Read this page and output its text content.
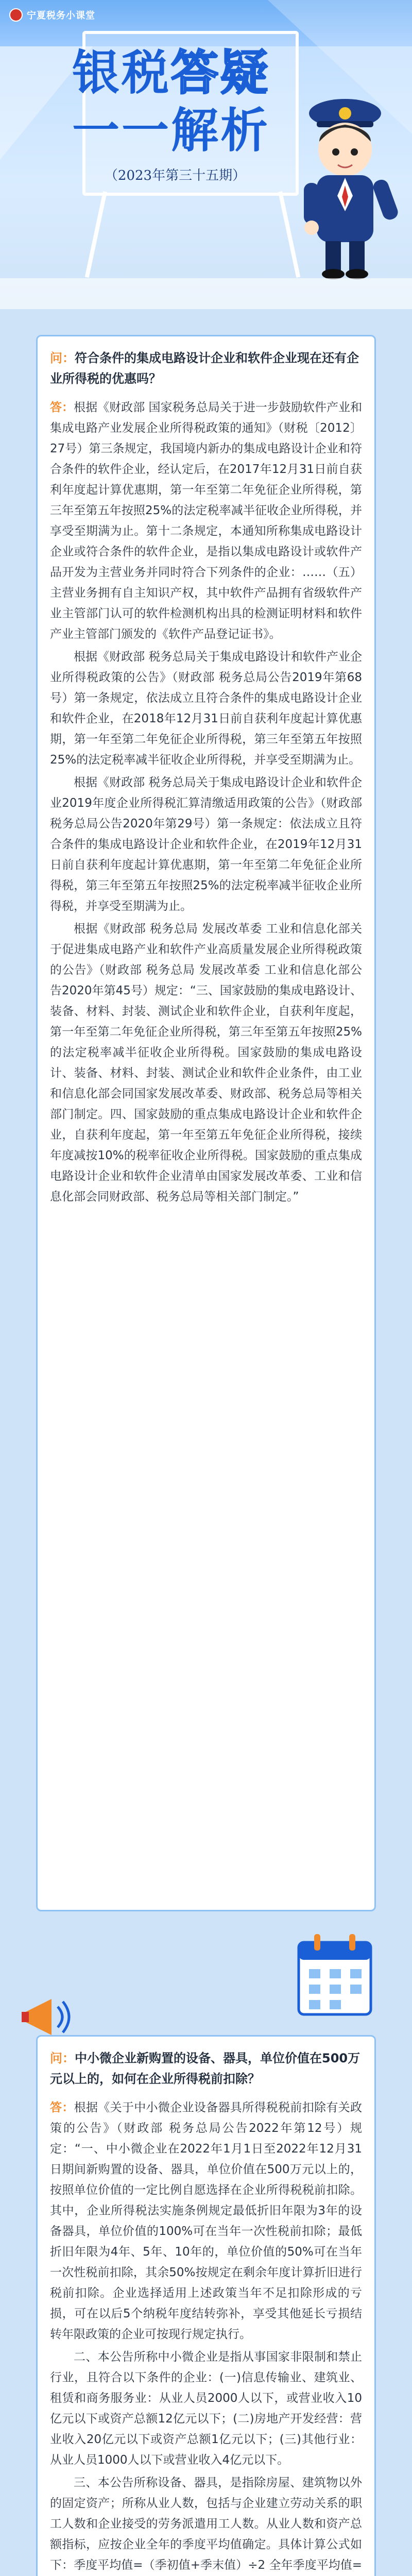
宁夏税务小课堂
银税答疑
一一解析
（2023年第三十五期）
问：符合条件的集成电路设计企业和软件企业现在还有企业所得税的优惠吗？

答：根据《财政部 国家税务总局关于进一步鼓励软件产业和集成电路产业发展企业所得税政策的通知》（财税〔2012〕27号）第三条规定，我国境内新办的集成电路设计企业和符合条件的软件企业，经认定后，在2017年12月31日前自获利年度起计算优惠期，第一年至第二年免征企业所得税，第三年至第五年按照25%的法定税率减半征收企业所得税，并享受至期满为止。第十二条规定，本通知所称集成电路设计企业或符合条件的软件企业，是指以集成电路设计或软件产品开发为主营业务并同时符合下列条件的企业：……（五）主营业务拥有自主知识产权，其中软件产品拥有省级软件产业主管部门认可的软件检测机构出具的检测证明材料和软件产业主管部门颁发的《软件产品登记证书》。

根据《财政部 税务总局关于集成电路设计和软件产业企业所得税政策的公告》（财政部 税务总局公告2019年第68号）第一条规定，依法成立且符合条件的集成电路设计企业和软件企业，在2018年12月31日前自获利年度起计算优惠期，第一年至第二年免征企业所得税，第三年至第五年按照25%的法定税率减半征收企业所得税，并享受至期满为止。

根据《财政部 税务总局关于集成电路设计企业和软件企业2019年度企业所得税汇算清缴适用政策的公告》（财政部 税务总局公告2020年第29号）第一条规定：依法成立且符合条件的集成电路设计企业和软件企业，在2019年12月31日前自获利年度起计算优惠期，第一年至第二年免征企业所得税，第三年至第五年按照25%的法定税率减半征收企业所得税，并享受至期满为止。

根据《财政部 税务总局 发展改革委 工业和信息化部关于促进集成电路产业和软件产业高质量发展企业所得税政策的公告》（财政部 税务总局 发展改革委 工业和信息化部公告2020年第45号）规定：“三、国家鼓励的集成电路设计、装备、材料、封装、测试企业和软件企业，自获利年度起，第一年至第二年免征企业所得税，第三年至第五年按照25%的法定税率减半征收企业所得税。国家鼓励的集成电路设计、装备、材料、封装、测试企业和软件企业条件，由工业和信息化部会同国家发展改革委、财政部、税务总局等相关部门制定。四、国家鼓励的重点集成电路设计企业和软件企业，自获利年度起，第一年至第五年免征企业所得税，接续年度减按10%的税率征收企业所得税。国家鼓励的重点集成电路设计企业和软件企业清单由国家发展改革委、工业和信息化部会同财政部、税务总局等相关部门制定。”

问：中小微企业新购置的设备、器具，单位价值在500万元以上的，如何在企业所得税前扣除？

答：根据《关于中小微企业设备器具所得税税前扣除有关政策的公告》（财政部 税务总局公告2022年第12号）规定：“一、中小微企业在2022年1月1日至2022年12月31日期间新购置的设备、器具，单位价值在500万元以上的，按照单位价值的一定比例自愿选择在企业所得税税前扣除。其中，企业所得税法实施条例规定最低折旧年限为3年的设备器具，单位价值的100%可在当年一次性税前扣除；最低折旧年限为4年、5年、10年的，单位价值的50%可在当年一次性税前扣除，其余50%按规定在剩余年度计算折旧进行税前扣除。企业选择适用上述政策当年不足扣除形成的亏损，可在以后5个纳税年度结转弥补，享受其他延长亏损结转年限政策的企业可按现行规定执行。

二、本公告所称中小微企业是指从事国家非限制和禁止行业，且符合以下条件的企业：(一)信息传输业、建筑业、租赁和商务服务业：从业人员2000人以下，或营业收入10亿元以下或资产总额12亿元以下；(二)房地产开发经营：营业收入20亿元以下或资产总额1亿元以下；(三)其他行业：从业人员1000人以下或营业收入4亿元以下。

三、本公告所称设备、器具，是指除房屋、建筑物以外的固定资产；所称从业人数，包括与企业建立劳动关系的职工人数和企业接受的劳务派遣用工人数。从业人数和资产总额指标，应按企业全年的季度平均值确定。具体计算公式如下：季度平均值=（季初值+季末值）÷2 全年季度平均值=
